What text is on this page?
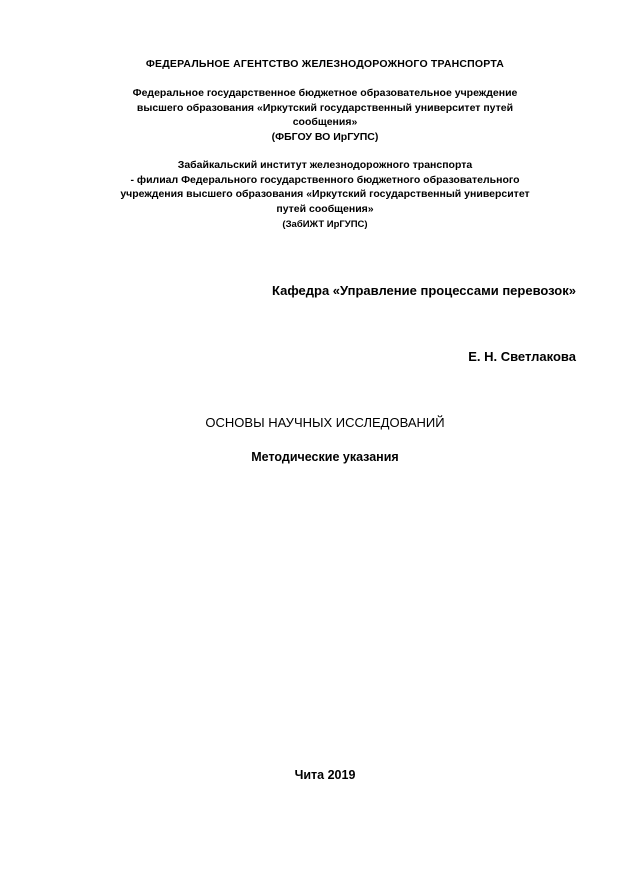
ФЕДЕРАЛЬНОЕ АГЕНТСТВО ЖЕЛЕЗНОДОРОЖНОГО ТРАНСПОРТА
Федеральное государственное бюджетное образовательное учреждение
высшего образования «Иркутский государственный университет путей
сообщения»
(ФБГОУ ВО ИрГУПС)
Забайкальский институт железнодорожного транспорта
- филиал Федерального государственного бюджетного образовательного
учреждения высшего образования «Иркутский государственный университет
путей сообщения»
(ЗабИЖТ ИрГУПС)
Кафедра «Управление процессами перевозок»
Е. Н. Светлакова
ОСНОВЫ НАУЧНЫХ ИССЛЕДОВАНИЙ
Методические указания
Чита 2019
